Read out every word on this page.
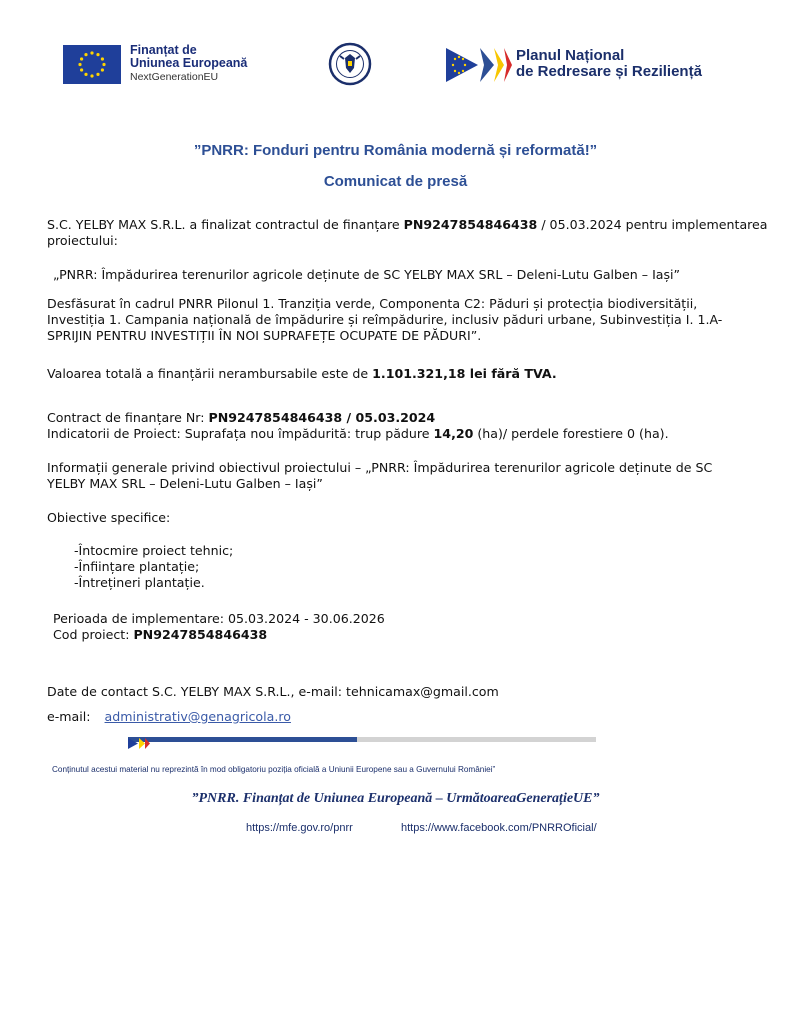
Finanțat de
Uniunea Europeană
NextGenerationEU
Planul Național
de Redresare și Reziliență
”PNRR: Fonduri pentru România modernă și reformată!”
Comunicat de presă
S.C. YELBY MAX S.R.L. a finalizat contractul de finanțare PN9247854846438 / 05.03.2024 pentru implementarea
proiectului:
„PNRR: Împădurirea terenurilor agricole deținute de SC YELBY MAX SRL – Deleni-Lutu Galben – Iași”
Desfăsurat în cadrul PNRR Pilonul 1. Tranziția verde, Componenta C2: Păduri și protecția biodiversității,
Investiția 1. Campania națională de împădurire și reîmpădurire, inclusiv păduri urbane, Subinvestiția I. 1.A-
SPRIJIN PENTRU INVESTIȚII ÎN NOI SUPRAFEȚE OCUPATE DE PĂDURI”.
Valoarea totală a finanțării nerambursabile este de 1.101.321,18 lei fără TVA.
Contract de finanțare Nr: PN9247854846438 / 05.03.2024
Indicatorii de Proiect: Suprafața nou împădurită: trup pădure 14,20 (ha)/ perdele forestiere 0 (ha).
Informații generale privind obiectivul proiectului – „PNRR: Împădurirea terenurilor agricole deținute de SC
YELBY MAX SRL – Deleni-Lutu Galben – Iași”
Obiective specifice:
-Întocmire proiect tehnic;
-Înființare plantație;
-Întrețineri plantație.
Perioada de implementare: 05.03.2024 - 30.06.2026
Cod proiect: PN9247854846438
Date de contact S.C. YELBY MAX S.R.L., e-mail: tehnicamax@gmail.com
e-mail: administrativ@genagricola.ro
Conținutul acestui material nu reprezintă în mod obligatoriu poziția oficială a Uniunii Europene sau a Guvernului României”
”PNRR. Finanțat de Uniunea Europeană – UrmătoareaGenerațieUE”
https://mfe.gov.ro/pnrr	https://www.facebook.com/PNRROficial/
